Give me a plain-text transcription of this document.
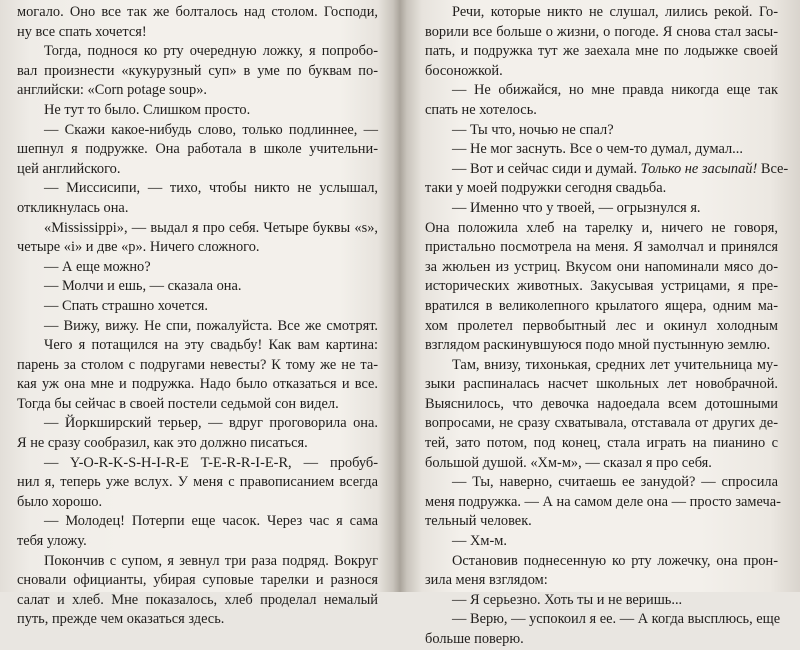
могало. Оно все так же болталось над столом. Господи,
ну все спать хочется!
Тогда, поднося ко рту очередную ложку, я попробо-
вал произнести «кукурузный суп» в уме по буквам по-
английски: «Corn potage soup».
Не тут то было. Слишком просто.
— Скажи какое-нибудь слово, только подлиннее, —
шепнул я подружке. Она работала в школе учительни-
цей английского.
— Миссисипи, — тихо, чтобы никто не услышал,
откликнулась она.
«Mississippi», — выдал я про себя. Четыре буквы «s»,
четыре «i» и две «p». Ничего сложного.
— А еще можно?
— Молчи и ешь, — сказала она.
— Спать страшно хочется.
— Вижу, вижу. Не спи, пожалуйста. Все же смотрят.
Чего я потащился на эту свадьбу! Как вам картина:
парень за столом с подругами невесты? К тому же не та-
кая уж она мне и подружка. Надо было отказаться и все.
Тогда бы сейчас в своей постели седьмой сон видел.
— Йоркширский терьер, — вдруг проговорила она.
Я не сразу сообразил, как это должно писаться.
— Y-O-R-K-S-H-I-R-E T-E-R-R-I-E-R, — пробуб-
нил я, теперь уже вслух. У меня с правописанием всегда
было хорошо.
— Молодец! Потерпи еще часок. Через час я сама
тебя уложу.
Покончив с супом, я зевнул три раза подряд. Вокруг
сновали официанты, убирая суповые тарелки и разнося
салат и хлеб. Мне показалось, хлеб проделал немалый
путь, прежде чем оказаться здесь.
Речи, которые никто не слушал, лились рекой. Го-
ворили все больше о жизни, о погоде. Я снова стал засы-
пать, и подружка тут же заехала мне по лодыжке своей
босоножкой.
— Не обижайся, но мне правда никогда еще так
спать не хотелось.
— Ты что, ночью не спал?
— Не мог заснуть. Все о чем-то думал, думал...
— Вот и сейчас сиди и думай. Только не засыпай! Все-
таки у моей подружки сегодня свадьба.
— Именно что у твоей, — огрызнулся я.
Она положила хлеб на тарелку и, ничего не говоря,
пристально посмотрела на меня. Я замолчал и принялся
за жюльен из устриц. Вкусом они напоминали мясо до-
исторических животных. Закусывая устрицами, я пре-
вратился в великолепного крылатого ящера, одним ма-
хом пролетел первобытный лес и окинул холодным
взглядом раскинувшуюся подо мной пустынную землю.
Там, внизу, тихонькая, средних лет учительница му-
зыки распиналась насчет школьных лет новобрачной.
Выяснилось, что девочка надоедала всем дотошными
вопросами, не сразу схватывала, отставала от других де-
тей, зато потом, под конец, стала играть на пианино с
большой душой. «Хм-м», — сказал я про себя.
— Ты, наверно, считаешь ее занудой? — спросила
меня подружка. — А на самом деле она — просто замеча-
тельный человек.
— Хм-м.
Остановив поднесенную ко рту ложечку, она прон-
зила меня взглядом:
— Я серьезно. Хоть ты и не веришь...
— Верю, — успокоил я ее. — А когда высплюсь, еще
больше поверю.
